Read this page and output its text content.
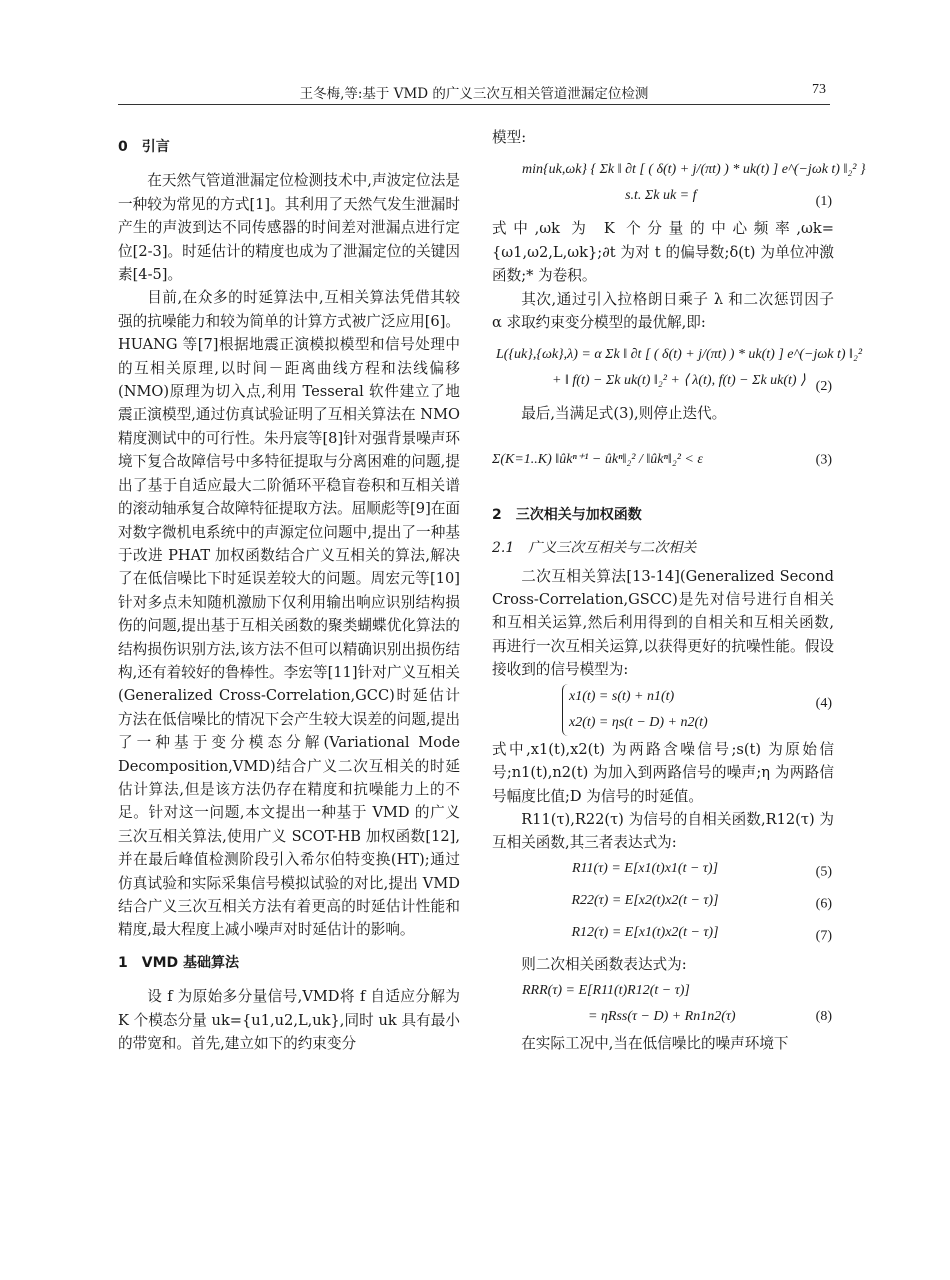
王冬梅,等:基于 VMD 的广义三次互相关管道泄漏定位检测	73
0　引言

在天然气管道泄漏定位检测技术中,声波定位法是一种较为常见的方式[1]。其利用了天然气发生泄漏时产生的声波到达不同传感器的时间差对泄漏点进行定位[2-3]。时延估计的精度也成为了泄漏定位的关键因素[4-5]。

目前,在众多的时延算法中,互相关算法凭借其较强的抗噪能力和较为简单的计算方式被广泛应用[6]。HUANG 等[7]根据地震正演模拟模型和信号处理中的互相关原理,以时间－距离曲线方程和法线偏移(NMO)原理为切入点,利用 Tesseral 软件建立了地震正演模型,通过仿真试验证明了互相关算法在 NMO 精度测试中的可行性。朱丹宸等[8]针对强背景噪声环境下复合故障信号中多特征提取与分离困难的问题,提出了基于自适应最大二阶循环平稳盲卷积和互相关谱的滚动轴承复合故障特征提取方法。屈顺彪等[9]在面对数字微机电系统中的声源定位问题中,提出了一种基于改进 PHAT 加权函数结合广义互相关的算法,解决了在低信噪比下时延误差较大的问题。周宏元等[10]针对多点未知随机激励下仅利用输出响应识别结构损伤的问题,提出基于互相关函数的聚类蝴蝶优化算法的结构损伤识别方法,该方法不但可以精确识别出损伤结构,还有着较好的鲁棒性。李宏等[11]针对广义互相关(Generalized Cross-Correlation,GCC)时延估计方法在低信噪比的情况下会产生较大误差的问题,提出了一种基于变分模态分解(Variational Mode Decomposition,VMD)结合广义二次互相关的时延估计算法,但是该方法仍存在精度和抗噪能力上的不足。针对这一问题,本文提出一种基于 VMD 的广义三次互相关算法,使用广义 SCOT-HB 加权函数[12],并在最后峰值检测阶段引入希尔伯特变换(HT);通过仿真试验和实际采集信号模拟试验的对比,提出 VMD 结合广义三次互相关方法有着更高的时延估计性能和精度,最大程度上减小噪声对时延估计的影响。

1　VMD 基础算法

设 f 为原始多分量信号,VMD将 f 自适应分解为 K 个模态分量 uk={u1,u2,L,uk},同时 uk 具有最小的带宽和。首先,建立如下的约束变分

模型:

min{uk,ωk} { Σk ‖ ∂t [ ( δ(t) + j/(πt) ) * uk(t) ] e^(−jωk t) ‖₂² }
s.t. Σk uk = f	(1)

式中,ωk 为 K 个分量的中心频率,ωk={ω1,ω2,L,ωk};∂t 为对 t 的偏导数;δ(t) 为单位冲激函数;* 为卷积。

其次,通过引入拉格朗日乘子 λ 和二次惩罚因子 α 求取约束变分模型的最优解,即:

L({uk},{ωk},λ) = α Σk ‖ ∂t [ ( δ(t) + j/(πt) ) * uk(t) ] e^(−jωk t) ‖₂²
+ ‖ f(t) − Σk uk(t) ‖₂² + ⟨ λ(t), f(t) − Σk uk(t) ⟩ (2)

最后,当满足式(3),则停止迭代。

Σ(K=1..K) ‖ûkⁿ⁺¹ − ûkⁿ‖₂² / ‖ûkⁿ‖₂² < ε	(3)
2　三次相关与加权函数
2.1　广义三次互相关与二次相关

二次互相关算法[13-14](Generalized Second Cross-Correlation,GSCC)是先对信号进行自相关和互相关运算,然后利用得到的自相关和互相关函数,再进行一次互相关运算,以获得更好的抗噪性能。假设接收到的信号模型为:

x1(t) = s(t) + n1(t)
x2(t) = ηs(t − D) + n2(t)
(4)

式中,x1(t),x2(t) 为两路含噪信号;s(t) 为原始信号;n1(t),n2(t) 为加入到两路信号的噪声;η 为两路信号幅度比值;D 为信号的时延值。

R11(τ),R22(τ) 为信号的自相关函数,R12(τ) 为互相关函数,其三者表达式为:

R11(τ) = E[x1(t)x1(t − τ)]	(5)
R22(τ) = E[x2(t)x2(t − τ)]	(6)
R12(τ) = E[x1(t)x2(t − τ)]	(7)

则二次相关函数表达式为:

RRR(τ) = E[R11(t)R12(t − τ)]
= ηRss(τ − D) + Rn1n2(τ)	(8)

在实际工况中,当在低信噪比的噪声环境下
